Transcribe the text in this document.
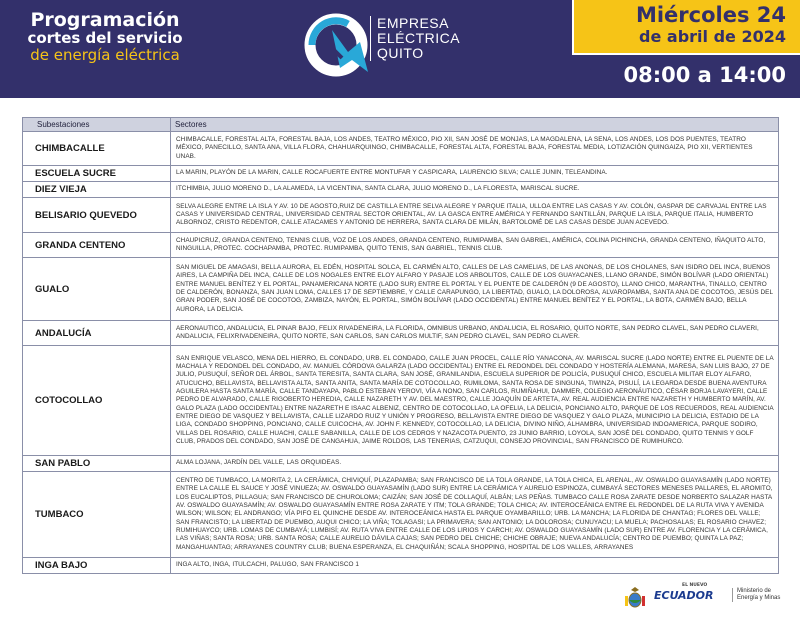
Programación
cortes del servicio
de energía eléctrica
EMPRESA
ELÉCTRICA
QUITO
Miércoles 24
de abril de 2024
08:00 a 14:00
Subestaciones	Sectores
CHIMBACALLE	CHIMBACALLE, FORESTAL ALTA, FORESTAL BAJA, LOS ANDES, TEATRO MÉXICO, PIO XII, SAN JOSÉ DE MONJAS, LA MAGDALENA, LA SENA, LOS ANDES, LOS DOS PUENTES, TEATRO MÉXICO, PANECILLO, SANTA ANA, VILLA FLORA, CHAHUARQUINGO, CHIMBACALLE, FORESTAL ALTA, FORESTAL BAJA, FORESTAL MEDIA, LOTIZACIÓN QUINGAIZA, PIO XII, VERTIENTES UNAB.
ESCUELA SUCRE	LA MARIN, PLAYÓN DE LA MARIN, CALLE ROCAFUERTE ENTRE MONTUFAR Y CASPICARA, LAURENCIO SILVA; CALLE JUNIN, TELEANDINA.
DIEZ VIEJA	ITCHIMBIA, JULIO MORENO D., LA ALAMEDA, LA VICENTINA, SANTA CLARA, JULIO MORENO D., LA FLORESTA, MARISCAL SUCRE.
BELISARIO QUEVEDO	SELVA ALEGRE ENTRE LA ISLA Y AV. 10 DE AGOSTO,RUIZ DE CASTILLA ENTRE SELVA ALEGRE Y PARQUE ITALIA, ULLOA ENTRE LAS CASAS Y AV. COLÓN, GASPAR DE CARVAJAL ENTRE LAS CASAS Y UNIVERSIDAD CENTRAL, UNIVERSIDAD CENTRAL SECTOR ORIENTAL, AV. LA GASCA ENTRE AMÉRICA Y FERNANDO SANTILLÁN, PARQUE LA ISLA, PARQUE ITALIA, HUMBERTO ALBORNOZ, CRISTO REDENTOR, CALLE ATACAMES Y ANTONIO DE HERRERA, SANTA CLARA DE MILÁN, BARTOLOMÉ DE LAS CASAS DESDE JUAN ACEVEDO.
GRANDA CENTENO	CHAUPICRUZ, GRANDA CENTENO, TENNIS CLUB, VOZ DE LOS ANDES, GRANDA CENTENO, RUMIPAMBA, SAN GABRIEL, AMÉRICA, COLINA PICHINCHA, GRANDA CENTENO, IÑAQUITO ALTO, NINGUILLA, PROTEC. COCHAPAMBA, PROTEC. RUMIPAMBA, QUITO TENIS, SAN GABRIEL, TENNIS CLUB.
GUALO	SAN MIGUEL DE AMAGASI, BELLA AURORA, EL EDÉN, HOSPITAL SOLCA, EL CARMÉN ALTO, CALLES DE LAS CAMELIAS, DE LAS ANONAS, DE LOS CHOLANES, SAN ISIDRO DEL INCA, BUENOS AIRES, LA CAMPIÑA DEL INCA, CALLE DE LOS NOGALES ENTRE ELOY ALFARO Y PASAJE LOS ARBOLITOS, CALLE DE LOS GUAYACANES, LLANO GRANDE, SIMÓN BOLÍVAR (LADO ORIENTAL) ENTRE MANUEL BENÍTEZ Y EL PORTAL, PANAMERICANA NORTE (LADO SUR) ENTRE EL PORTAL Y EL PUENTE DE CALDERÓN (9 DE AGOSTO), LLANO CHICO, MARANTHA, TINALLO, CENTRO DE CALDERÓN, BONANZA, SAN JUAN LOMA, CALLES 17 DE SEPTIEMBRE, Y CALLE CARAPUNGO, LA LIBERTAD, GUALO, LA DOLOROSA, ALVAROPAMBA, SANTA ANA DE COCOTOG, JESÚS DEL GRAN PODER, SAN JOSÉ DE COCOTOG, ZAMBIZA, NAYÓN, EL PORTAL, SIMÓN BOLÍVAR (LADO OCCIDENTAL) ENTRE MANUEL BENÍTEZ Y EL PORTAL, LA BOTA, CARMÉN BAJO, BELLA AURORA, LA DELICIA.
ANDALUCÍA	AERONAUTICO, ANDALUCIA, EL PINAR BAJO, FELIX RIVADENEIRA, LA FLORIDA, OMNIBUS URBANO, ANDALUCIA, EL ROSARIO, QUITO NORTE, SAN PEDRO CLAVEL, SAN PEDRO CLAVERI, ANDALUCIA, FELIXRIVADENEIRA, QUITO NORTE, SAN CARLOS, SAN CARLOS MULTIF, SAN PEDRO CLAVEL, SAN PEDRO CLAVER.
COTOCOLLAO	SAN ENRIQUE VELASCO, MENA DEL HIERRO, EL CONDADO, URB. EL CONDADO, CALLE JUAN PROCEL, CALLE RÍO YANACONA, AV. MARISCAL SUCRE (LADO NORTE) ENTRE EL PUENTE DE LA MACHALA Y REDONDEL DEL CONDADO, AV. MANUEL CÓRDOVA GALARZA (LADO OCCIDENTAL) ENTRE EL REDONDEL DEL CONDADO Y HOSTERÍA ALEMANA, MARESA, SAN LUIS BAJO, 27 DE JULIO, PUSUQUÍ, SEÑOR DEL ÁRBOL, SANTA TERESITA, SANTA CLARA, SAN JOSÉ, GRANILANDIA, ESCUELA SUPERIOR DE POLICÍA, PUSUQUÍ CHICO, ESCUELA MILITAR ELOY ALFARO, ATUCUCHO, BELLAVISTA, BELLAVISTA ALTA, SANTA ANITA, SANTA MARÍA DE COTOCOLLAO, RUMILOMA, SANTA ROSA DE SINGUNA, TIWINZA, PISULÍ, LA LEGARDA DESDE BUENA AVENTURA AGUILERA HASTA SANTA MARÍA, CALLE TANDAYAPA, PABLO ESTEBAN YEROVI, VÍA A NONO, SAN CARLOS, RUMIÑAHUI, DAMMER, COLEGIO AERONÁUTICO, CÉSAR BORJA LAVAYERI, CALLE PEDRO DE ALVARADO, CALLE RIGOBERTO HEREDIA, CALLE NAZARETH Y AV. DEL MAESTRO, CALLE JOAQUÍN DE ARTETA, AV. REAL AUDIENCIA ENTRE NAZARETH Y HUMBERTO MARÍN, AV. GALO PLAZA (LADO OCCIDENTAL) ENTRE NAZARETH E ISAAC ALBENIZ, CENTRO DE COTOCOLLAO, LA OFELIA, LA DELICIA, PONCIANO ALTO, PARQUE DE LOS RECUERDOS, REAL AUDIENCIA ENTRE DIEGO DE VASQUEZ Y BELLAVISTA, CALLE LIZARDO RUIZ Y UNIÓN Y PROGRESO, BELLAVISTA ENTRE DIEGO DE VASQUEZ Y GALO PLAZA, MUNICIPIO LA DELICIA, ESTADIO DE LA LIGA, CONDADO SHOPPING, PONCIANO, CALLE CUICOCHA, AV. JOHN F. KENNEDY, COTOCOLLAO, LA DELICIA, DIVINO NIÑO, ALHAMBRA, UNIVERSIDAD INDOAMERICA, PARQUE SODIRO, VILLAS DEL ROSARIO, CALLE HUACHI, CALLE SABANILLA, CALLE DE LOS CEDROS Y NAZACOTA PUENTO, 23 JUNIO BARRIO, LOYOLA, SAN JOSÉ DEL CONDADO, QUITO TENNIS Y GOLF CLUB, PRADOS DEL CONDADO, SAN JOSÉ DE CANGAHUA, JAIME ROLDOS, LAS TENERIAS, CATZUQUI, CONSEJO PROVINCIAL, SAN FRANCISCO DE RUMIHURCO.
SAN PABLO	ALMA LOJANA, JARDÍN DEL VALLE, LAS ORQUIDEAS.
TUMBACO	CENTRO DE TUMBACO, LA MORITA 2, LA CERÁMICA, CHIVIQUÍ, PLAZAPAMBA; SAN FRANCISCO DE LA TOLA GRANDE, LA TOLA CHICA, EL ARENAL, AV. OSWALDO GUAYASAMÍN (LADO NORTE) ENTRE LA CALLE EL SAUCE Y JOSÉ VINUEZA; AV. OSWALDO GUAYASAMÍN (LADO SUR) ENTRE LA CERÁMICA Y AURELIO ESPINOZA, CUMBAYÁ SECTORES MENESES PALLARES, EL AROMITO, LOS EUCALIPTOS, PILLAGUA; SAN FRANCISCO DE CHUROLOMA; CAIZÁN; SAN JOSÉ DE COLLAQUÍ, ALBÁN; LAS PEÑAS. TUMBACO CALLE ROSA ZARATE DESDE NORBERTO SALAZAR HASTA AV. OSWALDO GUAYASAMÍN; AV. OSWALDO GUAYASAMÍN ENTRE ROSA ZARATE Y ITM; TOLA GRANDE; TOLA CHICA; AV. INTEROCEÁNICA ENTRE EL REDONDEL DE LA RUTA VIVA Y AVENIDA WILSON; WILSON; EL ANDRANGO; VÍA PIFO EL QUINCHE DESDE AV. INTEROCEÁNICA HASTA EL PARQUE OYAMBARILLO; URB. LA MANCHA; LA FLORIDA DE CHANTAG; FLORES DEL VALLE; SAN FRANCISTO; LA LIBERTAD DE PUEMBO, AUQUI CHICO; LA VIÑA; TOLAGASI; LA PRIMAVERA; SAN ANTONIO; LA DOLOROSA; CUNUYACU; LA MUELA; PACHOSALAS; EL ROSARIO CHAVEZ; RUMIHUAYCO; URB. LOMAS DE CUMBAYÁ; LUMBISÍ; AV. RUTA VIVA ENTRE CALLE DE LOS LIRIOS Y CARCHI; AV. OSWALDO GUAYASAMÍN (LADO SUR) ENTRE AV. FLORENCIA Y LA CERÁMICA, LAS VIÑAS; SANTA ROSA; URB. SANTA ROSA; CALLE AURELIO DÁVILA CAJAS; SAN PEDRO DEL CHICHE; CHICHE OBRAJE; NUEVA ANDALUCÍA; CENTRO DE PUEMBO; QUINTA LA PAZ; MANGAHUANTAG; ARRAYANES COUNTRY CLUB; BUENA ESPERANZA, EL CHAQUIÑÁN; SCALA SHOPPING, HOSPITAL DE LOS VALLES, ARRAYANES
INGA BAJO	INGA ALTO, INGA, ITULCACHI, PALUGO, SAN FRANCISCO 1
EL NUEVO
ECUADOR	Ministerio de
Energía y Minas
